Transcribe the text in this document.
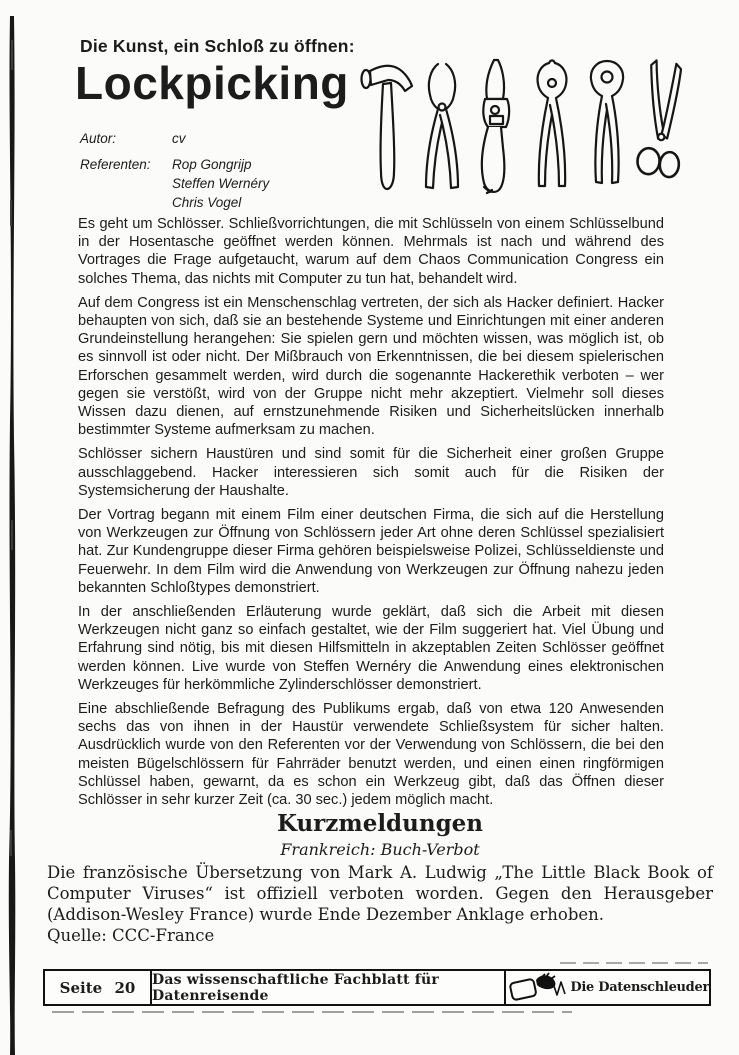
Die Kunst, ein Schloß zu öffnen:
Lockpicking
Autor:	cv
Referenten:	Rop Gongrijp
Steffen Wernéry
Chris Vogel

Es geht um Schlösser. Schließvorrichtungen, die mit Schlüsseln von einem Schlüsselbund in der Hosentasche geöffnet werden können. Mehrmals ist nach und während des Vortrages die Frage aufgetaucht, warum auf dem Chaos Communication Congress ein solches Thema, das nichts mit Computer zu tun hat, behandelt wird.

Auf dem Congress ist ein Menschenschlag vertreten, der sich als Hacker definiert. Hacker behaupten von sich, daß sie an bestehende Systeme und Einrichtungen mit einer anderen Grundeinstellung herangehen: Sie spielen gern und möchten wissen, was möglich ist, ob es sinnvoll ist oder nicht. Der Mißbrauch von Erkenntnissen, die bei diesem spielerischen Erforschen gesammelt werden, wird durch die sogenannte Hackerethik verboten – wer gegen sie verstößt, wird von der Gruppe nicht mehr akzeptiert. Vielmehr soll dieses Wissen dazu dienen, auf ernstzunehmende Risiken und Sicherheitslücken innerhalb bestimmter Systeme aufmerksam zu machen.

Schlösser sichern Haustüren und sind somit für die Sicherheit einer großen Gruppe ausschlaggebend. Hacker interessieren sich somit auch für die Risiken der Systemsicherung der Haushalte.

Der Vortrag begann mit einem Film einer deutschen Firma, die sich auf die Herstellung von Werkzeugen zur Öffnung von Schlössern jeder Art ohne deren Schlüssel spezialisiert hat. Zur Kundengruppe dieser Firma gehören beispielsweise Polizei, Schlüsseldienste und Feuerwehr. In dem Film wird die Anwendung von Werkzeugen zur Öffnung nahezu jeden bekannten Schloßtypes demonstriert.

In der anschließenden Erläuterung wurde geklärt, daß sich die Arbeit mit diesen Werkzeugen nicht ganz so einfach gestaltet, wie der Film suggeriert hat. Viel Übung und Erfahrung sind nötig, bis mit diesen Hilfsmitteln in akzeptablen Zeiten Schlösser geöffnet werden können. Live wurde von Steffen Wernéry die Anwendung eines elektronischen Werkzeuges für herkömmliche Zylinderschlösser demonstriert.

Eine abschließende Befragung des Publikums ergab, daß von etwa 120 Anwesenden sechs das von ihnen in der Haustür verwendete Schließsystem für sicher halten. Ausdrücklich wurde von den Referenten vor der Verwendung von Schlössern, die bei den meisten Bügelschlössern für Fahrräder benutzt werden, und einen einen ringförmigen Schlüssel haben, gewarnt, da es schon ein Werkzeug gibt, daß das Öffnen dieser Schlösser in sehr kurzer Zeit (ca. 30 sec.) jedem möglich macht.

Kurzmeldungen
Frankreich: Buch-Verbot

Die französische Übersetzung von Mark A. Ludwig „The Little Black Book of Computer Viruses“ ist offiziell verboten worden. Gegen den Herausgeber (Addison-Wesley France) wurde Ende Dezember Anklage erhoben.

Quelle: CCC-France

Seite 20	Das wissenschaftliche Fachblatt für Datenreisende	Die Datenschleuder
